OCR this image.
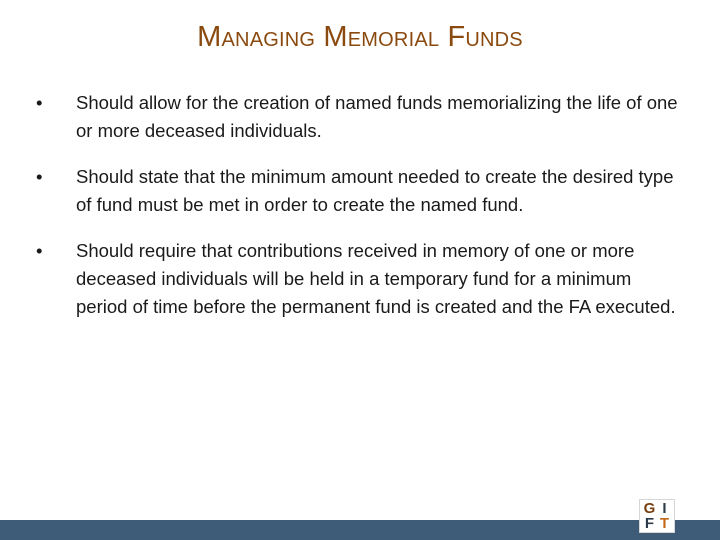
Managing Memorial Funds
•	Should allow for the creation of named funds memorializing the life of one or more deceased individuals.
•	Should state that the minimum amount needed to create the desired type of fund must be met in order to create the named fund.
•	Should require that contributions received in memory of one or more deceased individuals will be held in a temporary fund for a minimum period of time before the permanent fund is created and the FA executed.
G I
F T
